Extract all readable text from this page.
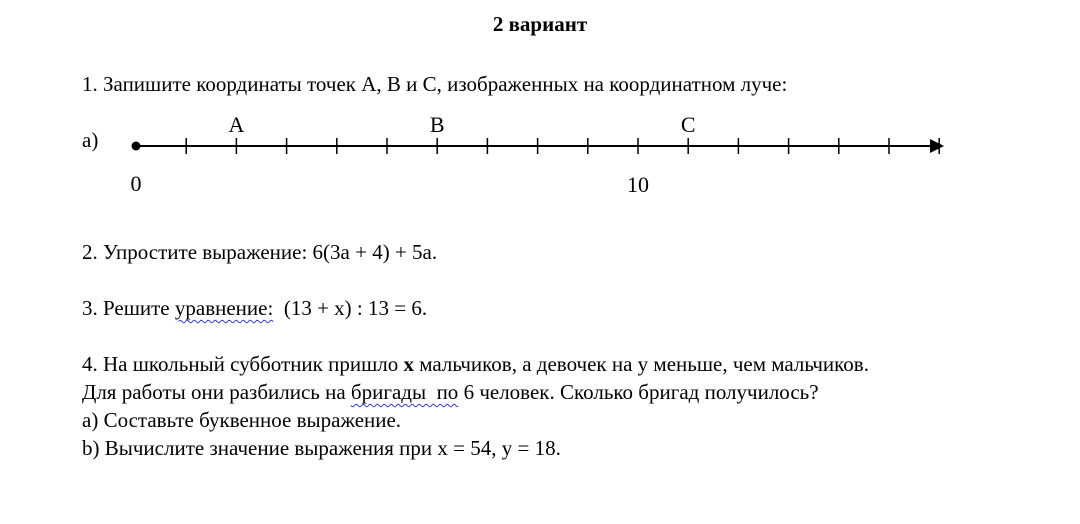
2 вариант
1. Запишите координаты точек A, B и C, изображенных на координатном луче:
а)
A	B	C
0	10
2. Упростите выражение: 6(3a + 4) + 5a.
3. Решите уравнение:  (13 + x) : 13 = 6.
4. На школьный субботник пришло x мальчиков, а девочек на y меньше, чем мальчиков.
Для работы они разбились на бригады  по 6 человек. Сколько бригад получилось?
а) Составьте буквенное выражение.
b) Вычислите значение выражения при x = 54, y = 18.
